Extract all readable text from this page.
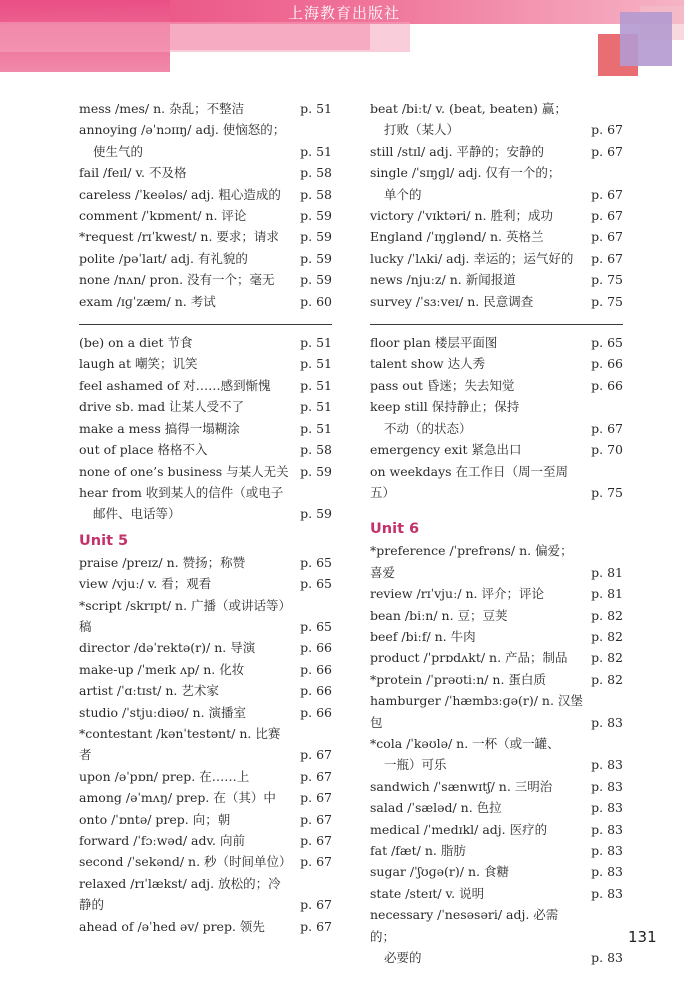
上海教育出版社
mess /mes/ n. 杂乱；不整洁	p. 51
annoying /əˈnɔɪɪŋ/ adj. 使恼怒的；
使生气的	p. 51
fail /feɪl/ v. 不及格	p. 58
careless /ˈkeələs/ adj. 粗心造成的	p. 58
comment /ˈkɒment/ n. 评论	p. 59
*request /rɪˈkwest/ n. 要求；请求	p. 59
polite /pəˈlaɪt/ adj. 有礼貌的	p. 59
none /nʌn/ pron. 没有一个；毫无	p. 59
exam /ɪɡˈzæm/ n. 考试	p. 60
(be) on a diet 节食	p. 51
laugh at 嘲笑；讥笑	p. 51
feel ashamed of 对……感到惭愧	p. 51
drive sb. mad 让某人受不了	p. 51
make a mess 搞得一塌糊涂	p. 51
out of place 格格不入	p. 58
none of one’s business 与某人无关 p. 59
hear from 收到某人的信件（或电子
邮件、电话等）	p. 59
Unit 5
praise /preɪz/ n. 赞扬；称赞	p. 65
view /vjuː/ v. 看；观看	p. 65
*script /skrɪpt/ n. 广播（或讲话等）稿	p. 65
director /dəˈrektə(r)/ n. 导演	p. 66
make-up /ˈmeɪk ʌp/ n. 化妆	p. 66
artist /ˈɑːtɪst/ n. 艺术家	p. 66
studio /ˈstjuːdiəʊ/ n. 演播室	p. 66
*contestant /kənˈtestənt/ n. 比赛者	p. 67
upon /əˈpɒn/ prep. 在……上	p. 67
among /əˈmʌŋ/ prep. 在（其）中	p. 67
onto /ˈɒntə/ prep. 向；朝	p. 67
forward /ˈfɔːwəd/ adv. 向前	p. 67
second /ˈsekənd/ n. 秒（时间单位） p. 67
relaxed /rɪˈlækst/ adj. 放松的；冷静的	p. 67
ahead of /əˈhed əv/ prep. 领先	p. 67
beat /biːt/ v. (beat, beaten) 赢；
打败（某人）	p. 67
still /stɪl/ adj. 平静的；安静的	p. 67
single /ˈsɪŋɡl/ adj. 仅有一个的；
单个的	p. 67
victory /ˈvɪktəri/ n. 胜利；成功	p. 67
England /ˈɪŋɡlənd/ n. 英格兰	p. 67
lucky /ˈlʌki/ adj. 幸运的；运气好的	p. 67
news /njuːz/ n. 新闻报道	p. 75
survey /ˈsɜːveɪ/ n. 民意调查	p. 75
floor plan 楼层平面图	p. 65
talent show 达人秀	p. 66
pass out 昏迷；失去知觉	p. 66
keep still 保持静止；保持
不动（的状态）	p. 67
emergency exit 紧急出口	p. 70
on weekdays 在工作日（周一至周五）	p. 75
Unit 6
*preference /ˈprefrəns/ n. 偏爱；喜爱	p. 81
review /rɪˈvjuː/ n. 评介；评论	p. 81
bean /biːn/ n. 豆；豆荚	p. 82
beef /biːf/ n. 牛肉	p. 82
product /ˈprɒdʌkt/ n. 产品；制品	p. 82
*protein /ˈprəʊtiːn/ n. 蛋白质	p. 82
hamburger /ˈhæmbɜːɡə(r)/ n. 汉堡包	p. 83
*cola /ˈkəʊlə/ n. 一杯（或一罐、
一瓶）可乐	p. 83
sandwich /ˈsænwɪtʃ/ n. 三明治	p. 83
salad /ˈsæləd/ n. 色拉	p. 83
medical /ˈmedɪkl/ adj. 医疗的	p. 83
fat /fæt/ n. 脂肪	p. 83
sugar /ˈʃʊɡə(r)/ n. 食糖	p. 83
state /steɪt/ v. 说明	p. 83
necessary /ˈnesəsəri/ adj. 必需的；
必要的	p. 83
131
